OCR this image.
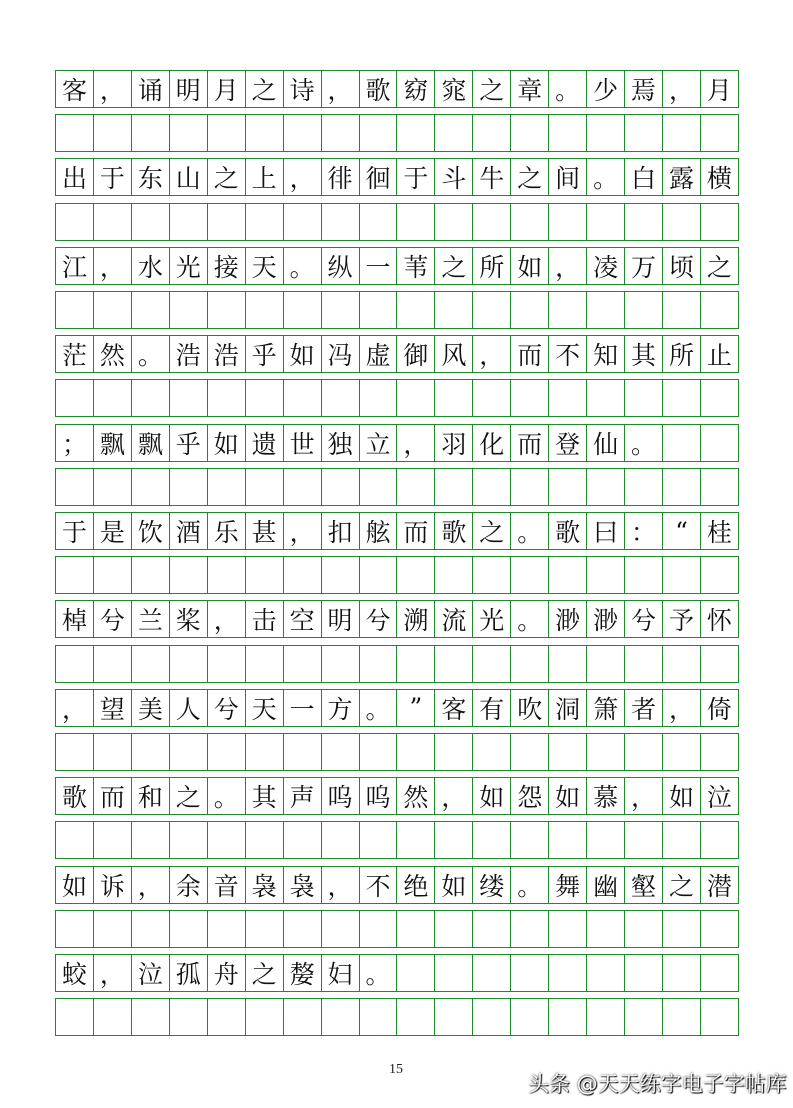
客 ， 诵 明 月 之 诗 ， 歌 窈 窕 之 章 。 少 焉 ， 月
出 于 东 山 之 上 ， 徘 徊 于 斗 牛 之 间 。 白 露 横
江 ， 水 光 接 天 。 纵 一 苇 之 所 如 ， 凌 万 顷 之
茫 然 。 浩 浩 乎 如 冯 虚 御 风 ， 而 不 知 其 所 止
； 飘 飘 乎 如 遗 世 独 立 ， 羽 化 而 登 仙 。
于 是 饮 酒 乐 甚 ， 扣 舷 而 歌 之 。 歌 曰 ： “ 桂
棹 兮 兰 桨 ， 击 空 明 兮 溯 流 光 。 渺 渺 兮 予 怀
， 望 美 人 兮 天 一 方 。 ” 客 有 吹 洞 箫 者 ， 倚
歌 而 和 之 。 其 声 呜 呜 然 ， 如 怨 如 慕 ， 如 泣
如 诉 ， 余 音 袅 袅 ， 不 绝 如 缕 。 舞 幽 壑 之 潜
蛟 ， 泣 孤 舟 之 嫠 妇 。
15
头条 @天天练字电子字帖库
